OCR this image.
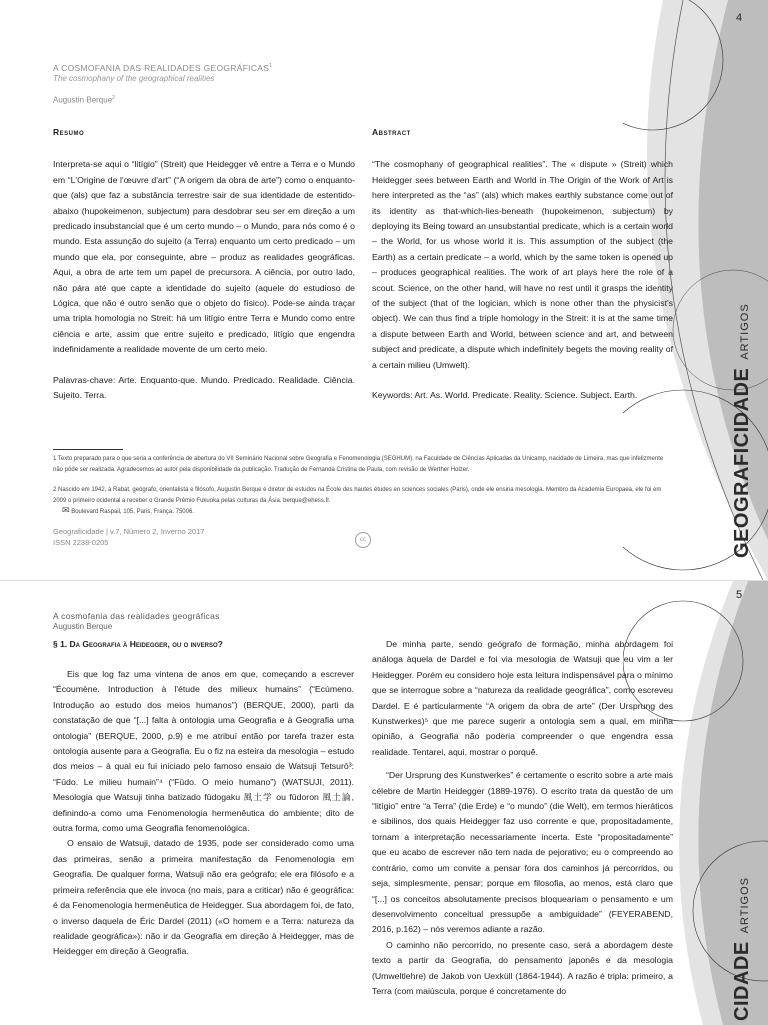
4
A COSMOFANIA DAS REALIDADES GEOGRÁFICAS$^1$
The cosmophany of the geographical realities
Augustin Berque$^2$

Resumo

Interpreta-se aqui o “litígio” (Streit) que Heidegger vê entre a Terra e o Mundo em “L'Origine de l'œuvre d'art” (“A origem da obra de arte”) como o enquanto-que (als) que faz a substância terrestre sair de sua identidade de estentido-abaixo (hupokeimenon, subjectum) para desdobrar seu ser em direção a um predicado insubstancial que é um certo mundo – o Mundo, para nós como é o mundo. Esta assunção do sujeito (a Terra) enquanto um certo predicado – um mundo que ela, por conseguinte, abre – produz as realidades geográficas. Aqui, a obra de arte tem um papel de precursora. A ciência, por outro lado, não pára até que capte a identidade do sujeito (aquele do estudioso de Lógica, que não é outro senão que o objeto do físico). Pode-se ainda traçar uma tripla homologia no Streit: há um litígio entre Terra e Mundo como entre ciência e arte, assim que entre sujeito e predicado, litígio que engendra indefinidamente a realidade movente de um certo meio.

Palavras-chave: Arte. Enquanto-que. Mundo. Predicado. Realidade. Ciência. Sujeito. Terra.

Abstract

“The cosmophany of geographical realities”. The « dispute » (Streit) which Heidegger sees between Earth and World in The Origin of the Work of Art is here interpreted as the “as” (als) which makes earthly substance come out of its identity as that-which-lies-beneath (hupokeimenon, subjectum) by deploying its Being toward an unsubstantial predicate, which is a certain world – the World, for us whose world it is. This assumption of the subject (the Earth) as a certain predicate – a world, which by the same token is opened up – produces geographical realities. The work of art plays here the role of a scout. Science, on the other hand, will have no rest until it grasps the identity of the subject (that of the logician, which is none other than the physicist's object). We can thus find a triple homology in the Streit: it is at the same time a dispute between Earth and World, between science and art, and between subject and predicate, a dispute which indefinitely begets the moving reality of a certain milieu (Umwelt).

Keywords: Art. As. World. Predicate. Reality. Science. Subject. Earth.

1 Texto preparado para o que seria a conferência de abertura do VII Seminário Nacional sobre Geografia e Fenomenologia (SEGHUM), na Faculdade de Ciências Aplicadas da Unicamp, nacidade de Limeira, mas que infelizmente não pôde ser realizada. Agradecemos ao autor pela disponibilidade da publicação. Tradução de Fernanda Cristina de Paula, com revisão de Werther Holzer.
2 Nascido em 1942, à Rabat, geógrafo, orientalista e filósofo, Augustin Berque é diretor de estudos na École des hautes études en sciences sociales (Paris), onde ele ensina mesologia. Membro da Academia Europaea, ele foi em 2009 o primeiro ocidental a receber o Grande Prêmio Fukuoka pelas culturas da Ásia. berque@ehess.fr.
✉ Boulevard Raspail, 105, Paris, França. 75006.
Geograficidade | v.7, Número 2, Inverno 2017
ISSN 2238-0205	cc	GEOGRAFICIDADEARTIGOS
5
A cosmofania das realidades geográficas
Augustin Berque
§ 1. Da Geografia à Heidegger, ou o inverso?

Eis que log faz uma vintena de anos em que, começando a escrever “Écoumène. Introduction à l'étude des milieux humains” (“Ecúmeno. Introdução ao estudo dos meios humanos”) (BERQUE, 2000), parti da constatação de que “[...] falta à ontologia uma Geografia e à Geografia uma ontologia” (BERQUE, 2000, p.9) e me atribuí então por tarefa trazer esta ontologia ausente para a Geografia. Eu o fiz na esteira da mesologia – estudo dos meios – à qual eu fui iniciado pelo famoso ensaio de Watsuji Tetsurō³: “Fūdo. Le milieu humain”⁴ (“Fūdo. O meio humano”) (WATSUJI, 2011). Mesologia que Watsuji tinha batizado fūdogaku 風土学 ou fūdoron 風土論, definindo-a como uma Fenomenologia hermenêutica do ambiente; dito de outra forma, como uma Geografia fenomenológica.

O ensaio de Watsuji, datado de 1935, pode ser considerado como uma das primeiras, senão a primeira manifestação da Fenomenologia em Geografia. De qualquer forma, Watsuji não era geógrafo; ele era filósofo e a primeira referência que ele invoca (no mais, para a criticar) não é geográfica: é da Fenomenologia hermenêutica de Heidegger. Sua abordagem foi, de fato, o inverso daquela de Éric Dardel (2011) («O homem e a Terra: natureza da realidade geográfica»): não ir da Geografia em direção à Heidegger, mas de Heidegger em direção à Geografia.

De minha parte, sendo geógrafo de formação, minha abordagem foi análoga àquela de Dardel e foi via mesologia de Watsuji que eu vim a ler Heidegger. Porém eu considero hoje esta leitura indispensável para o mínimo que se interrogue sobre a “natureza da realidade geográfica”, como escreveu Dardel. E é particularmente “A origem da obra de arte” (Der Ursprung des Kunstwerkes)⁵ que me parece sugerir a ontologia sem a qual, em minha opinião, a Geografia não poderia compreender o que engendra essa realidade. Tentarei, aqui, mostrar o porquê.

“Der Ursprung des Kunstwerkes” é certamente o escrito sobre a arte mais célebre de Martin Heidegger (1889-1976). O escrito trata da questão de um “litígio” entre “a Terra” (die Erde) e “o mundo” (die Welt), em termos hieráticos e sibilinos, dos quais Heidegger faz uso corrente e que, propositadamente, tornam a interpretação necessariamente incerta. Este “propositadamente” que eu acabo de escrever não tem nada de pejorativo; eu o compreendo ao contrário, como um convite a pensar fora dos caminhos já percorridos, ou seja, simplesmente, pensar; porque em filosofia, ao menos, está claro que “[...] os conceitos absolutamente precisos bloqueariam o pensamento e um desenvolvimento conceitual pressupõe a ambiguidade” (FEYERABEND, 2016, p.162) – nós veremos adiante a razão.

O caminho não percorrido, no presente caso, será a abordagem deste texto a partir da Geografia, do pensamento japonês e da mesologia (Umweltlehre) de Jakob von Uexküll (1864-1944). A razão é tripla: primeiro, a Terra (com maiúscula, porque é concretamente do	CIDADEARTIGOS
